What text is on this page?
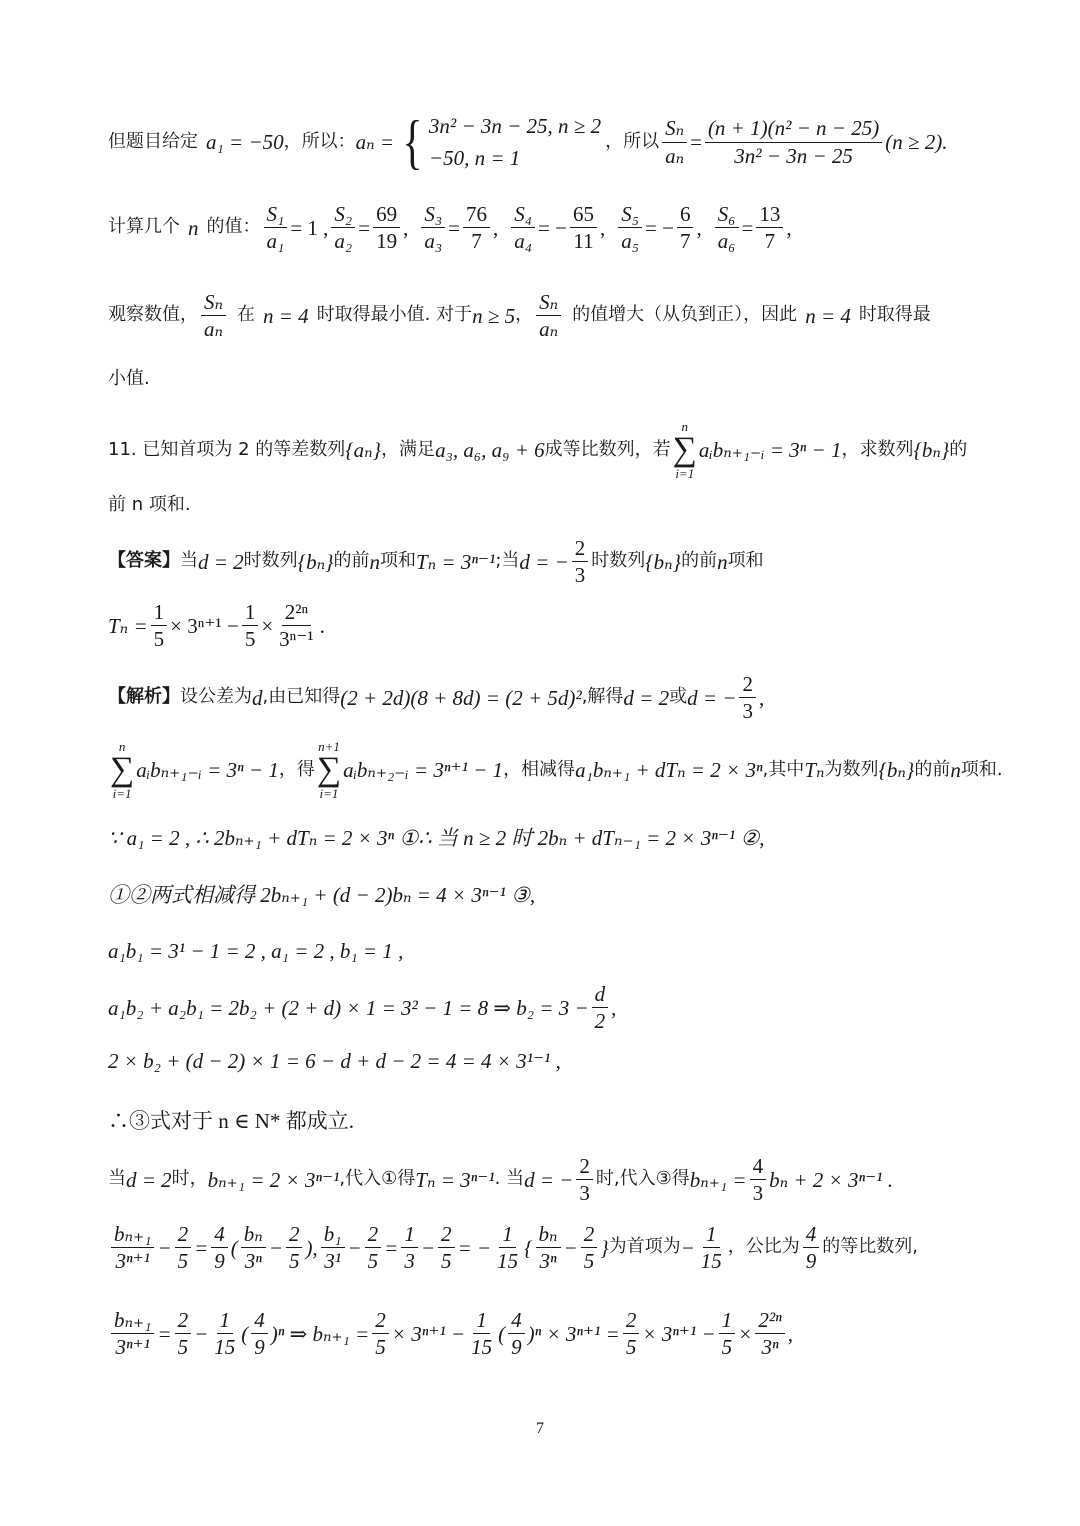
但题目给定 a₁ = −50 ，所以： aₙ = { 3n² − 3n − 25, n ≥ 2
−50, n = 1
，所以 $\frac{\text{Sₙ}}{\text{aₙ}} = \frac{\text{(n + 1)(n² − n − 25)}}{\text{3n² − 3n − 25}} (n \ge 2)$.
计算几个 n 的值： $\frac{\text{S₁}}{\text{a₁}} = 1$ , $\frac{\text{S₂}}{\text{a₂}} = \frac{69}{19}$ , $\frac{\text{S₃}}{\text{a₃}} = \frac{76}{7}$ , $\frac{\text{S₄}}{\text{a₄}}$ = − $\frac{65}{11}$ , $\frac{\text{S₅}}{\text{a₅}}$ = − $\frac{6}{7}$ , $\frac{\text{S₆}}{\text{a₆}} = \frac{13}{7}$ ,
观察数值， $\frac{\text{Sₙ}}{\text{aₙ}}$ 在 n = 4 时取得最小值. 对于 n ≥ 5 ， $\frac{\text{Sₙ}}{\text{aₙ}}$ 的值增大（从负到正），因此 n = 4 时取得最
小值.
11. 已知首项为 2 的等差数列 {aₙ} ，满足 a₃, a₆, a₉ + 6 成等比数列，若
n
∑
i=1
aᵢbₙ₊₁₋ᵢ = 3ⁿ − 1 ，求数列 {bₙ} 的
前 n 项和.
【答案】 当 d = 2 时数列 {bₙ} 的前 n 项和 Tₙ = 3ⁿ⁻¹ ;当 d = − $\frac{2}{3}$ 时数列 {bₙ} 的前 n 项和
$T_n = \frac{1}{5} \times 3^{n+1} - \frac{1}{5} \times \frac{\text{2²ⁿ}}{\text{3ⁿ⁻¹}}$ .
【解析】 设公差为 d ,由已知得 (2 + 2d)(8 + 8d) = (2 + 5d)² ,解得 d = 2 或 d = − $\frac{2}{3}$ ,
n
∑
i=1
aᵢbₙ₊₁₋ᵢ = 3ⁿ − 1 ，得
n+1
∑
i=1
aᵢbₙ₊₂₋ᵢ = 3ⁿ⁺¹ − 1 ，相减得 a₁bₙ₊₁ + dTₙ = 2 × 3ⁿ ,其中 Tₙ 为数列 {bₙ} 的前 n 项和.
∵ a₁ = 2 , ∴ 2bₙ₊₁ + dTₙ = 2 × 3ⁿ ①∴ 当 n ≥ 2 时 2bₙ + dTₙ₋₁ = 2 × 3ⁿ⁻¹ ②,
①②两式相减得 2bₙ₊₁ + (d − 2)bₙ = 4 × 3ⁿ⁻¹ ③,
a₁b₁ = 3¹ − 1 = 2 , a₁ = 2 , b₁ = 1 ,
a₁b₂ + a₂b₁ = 2b₂ + (2 + d) × 1 = 3² − 1 = 8 ⇒ $b_2 = 3 - \frac{d}{2}$ ,
2 × b₂ + (d − 2) × 1 = 6 − d + d − 2 = 4 = 4 × 3¹⁻¹ ,
∴③式对于 n ∈ N* 都成立.
当 d = 2 时， bₙ₊₁ = 2 × 3ⁿ⁻¹ ,代入①得 Tₙ = 3ⁿ⁻¹ . 当 d = − $\frac{2}{3}$ 时,代入③得 $b_{n+1} = \frac{4}{3}$ bₙ + 2 × 3ⁿ⁻¹ .
$\frac{\text{bₙ₊₁}}{\text{3ⁿ⁺¹}} - \frac{2}{5} = \frac{4}{9}$ ( $\frac{\text{bₙ}}{\text{3ⁿ}} - \frac{2}{5}$ ), $\frac{\text{b₁}}{\text{3¹}} - \frac{2}{5} = \frac{1}{3} - \frac{2}{5}$ = − $\frac{1}{15}$ { $\frac{\text{bₙ}}{\text{3ⁿ}} - \frac{2}{5}$ } 为首项为 − $\frac{1}{15}$ ，公比为 $\frac{4}{9}$ 的等比数列,
$\frac{\text{bₙ₊₁}}{\text{3ⁿ⁺¹}} = \frac{2}{5} - \frac{1}{15}$ ( $\frac{4}{9} )^n$ ⇒ $b_{n+1} = \frac{2}{5} \times 3^{n+1} - \frac{1}{15}$ ( $\frac{4}{9} )^n \times 3^{n+1} = \frac{2}{5} \times 3^{n+1} - \frac{1}{5} \times \frac{\text{2²ⁿ}}{\text{3ⁿ}}$ ,
7
